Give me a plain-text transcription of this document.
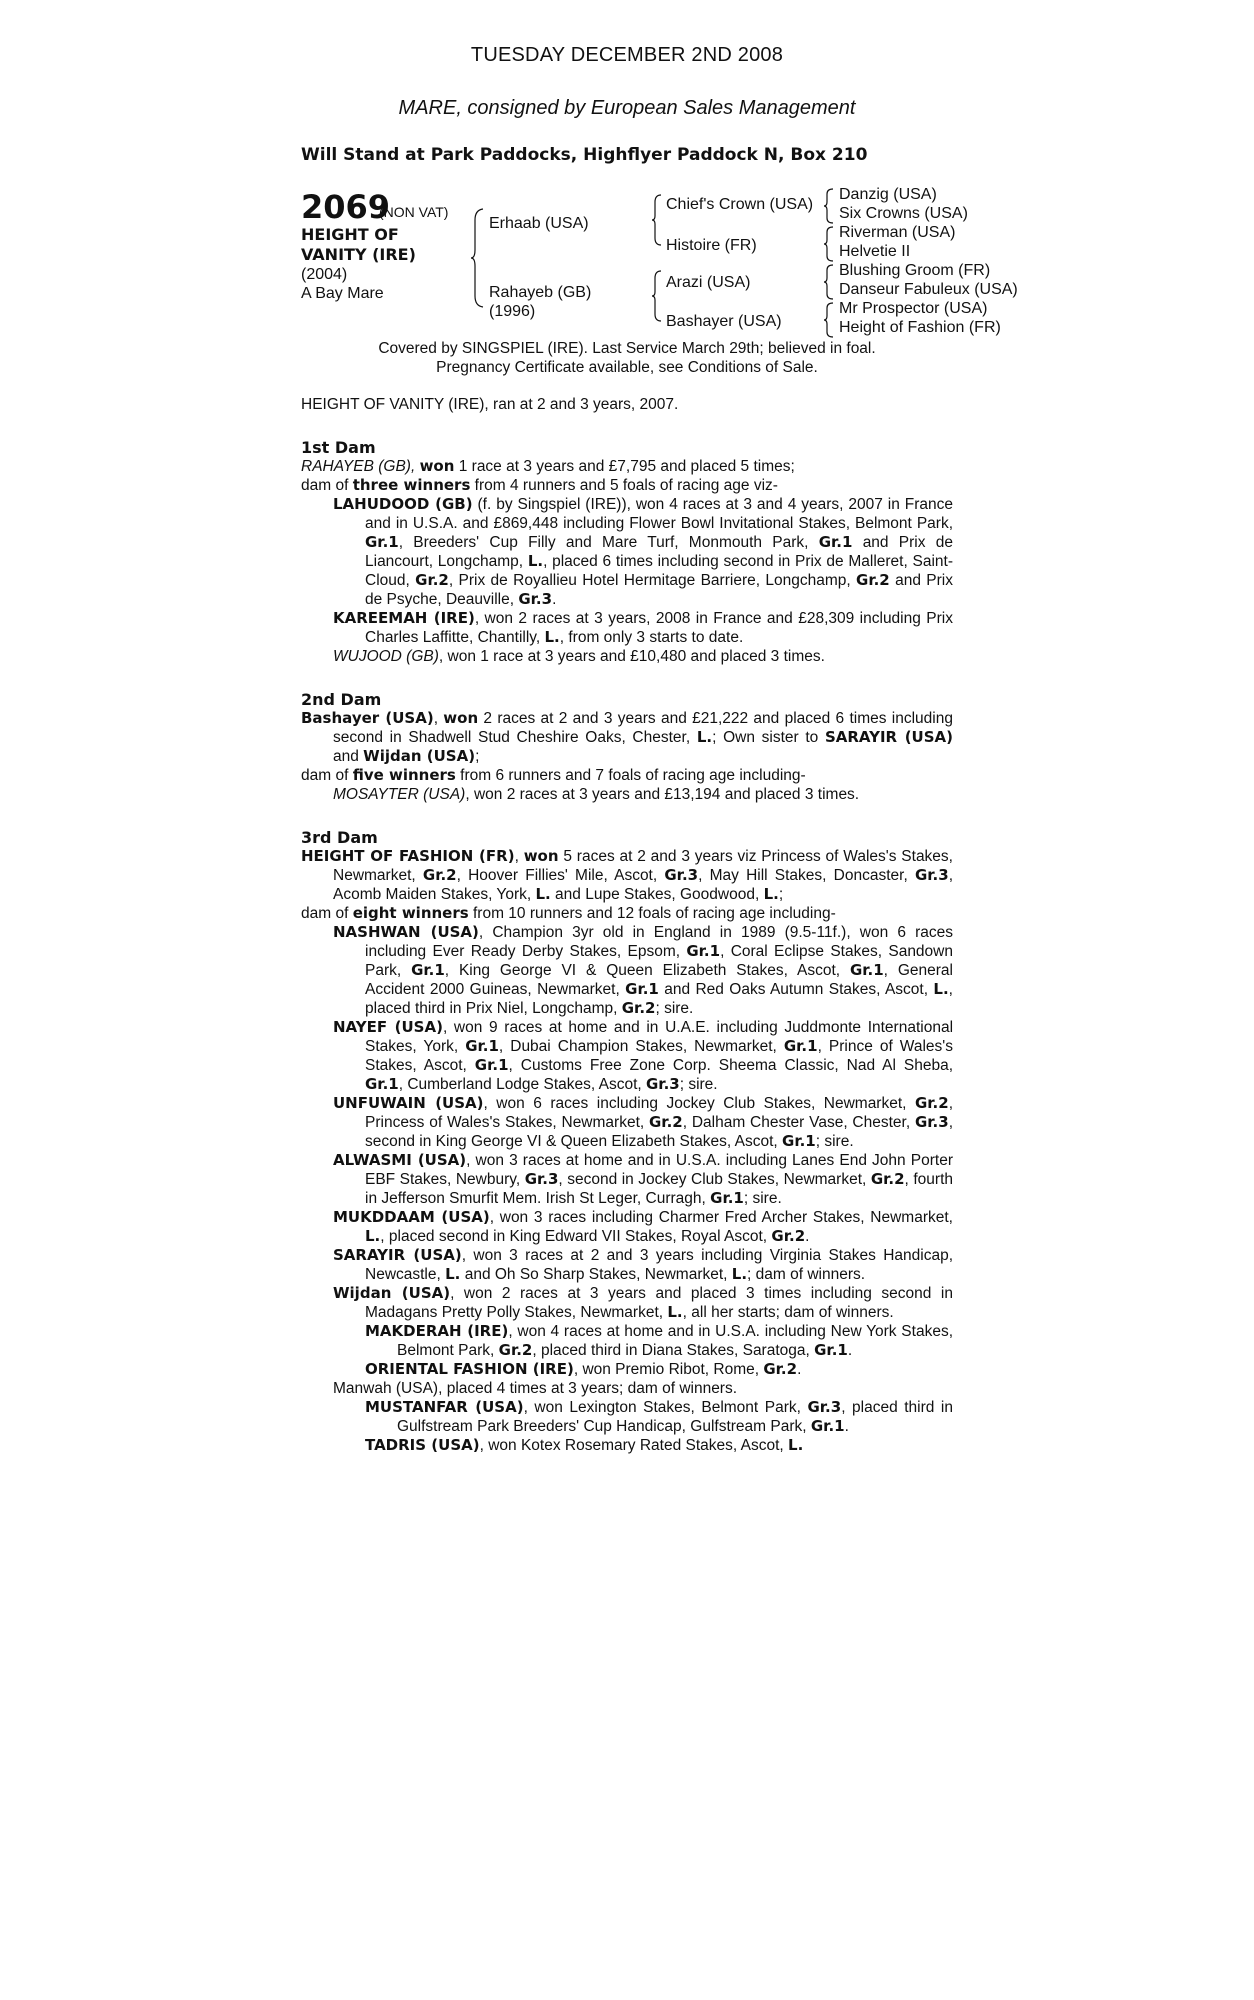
TUESDAY DECEMBER 2ND 2008
MARE, consigned by European Sales Management
Will Stand at Park Paddocks, Highflyer Paddock N, Box 210
2069
(NON VAT)
HEIGHT OF
VANITY (IRE)
(2004)
A Bay Mare
Erhaab (USA)
Rahayeb (GB)
(1996)
Chief's Crown (USA)
Histoire (FR)
Arazi (USA)
Bashayer (USA)
Danzig (USA)
Six Crowns (USA)
Riverman (USA)
Helvetie II
Blushing Groom (FR)
Danseur Fabuleux (USA)
Mr Prospector (USA)
Height of Fashion (FR)
Covered by SINGSPIEL (IRE). Last Service March 29th; believed in foal.
Pregnancy Certificate available, see Conditions of Sale.

HEIGHT OF VANITY (IRE), ran at 2 and 3 years, 2007.

1st Dam

RAHAYEB (GB), won 1 race at 3 years and £7,795 and placed 5 times;

dam of three winners from 4 runners and 5 foals of racing age viz-

LAHUDOOD (GB) (f. by Singspiel (IRE)), won 4 races at 3 and 4 years, 2007 in France and in U.S.A. and £869,448 including Flower Bowl Invitational Stakes, Belmont Park, Gr.1, Breeders' Cup Filly and Mare Turf, Monmouth Park, Gr.1 and Prix de Liancourt, Longchamp, L., placed 6 times including second in Prix de Malleret, Saint-Cloud, Gr.2, Prix de Royallieu Hotel Hermitage Barriere, Longchamp, Gr.2 and Prix de Psyche, Deauville, Gr.3.

KAREEMAH (IRE), won 2 races at 3 years, 2008 in France and £28,309 including Prix Charles Laffitte, Chantilly, L., from only 3 starts to date.

WUJOOD (GB), won 1 race at 3 years and £10,480 and placed 3 times.

2nd Dam

Bashayer (USA), won 2 races at 2 and 3 years and £21,222 and placed 6 times including second in Shadwell Stud Cheshire Oaks, Chester, L.; Own sister to SARAYIR (USA) and Wijdan (USA);

dam of five winners from 6 runners and 7 foals of racing age including-

MOSAYTER (USA), won 2 races at 3 years and £13,194 and placed 3 times.

3rd Dam

HEIGHT OF FASHION (FR), won 5 races at 2 and 3 years viz Princess of Wales's Stakes, Newmarket, Gr.2, Hoover Fillies' Mile, Ascot, Gr.3, May Hill Stakes, Doncaster, Gr.3, Acomb Maiden Stakes, York, L. and Lupe Stakes, Goodwood, L.;

dam of eight winners from 10 runners and 12 foals of racing age including-

NASHWAN (USA), Champion 3yr old in England in 1989 (9.5-11f.), won 6 races including Ever Ready Derby Stakes, Epsom, Gr.1, Coral Eclipse Stakes, Sandown Park, Gr.1, King George VI & Queen Elizabeth Stakes, Ascot, Gr.1, General Accident 2000 Guineas, Newmarket, Gr.1 and Red Oaks Autumn Stakes, Ascot, L., placed third in Prix Niel, Longchamp, Gr.2; sire.

NAYEF (USA), won 9 races at home and in U.A.E. including Juddmonte International Stakes, York, Gr.1, Dubai Champion Stakes, Newmarket, Gr.1, Prince of Wales's Stakes, Ascot, Gr.1, Customs Free Zone Corp. Sheema Classic, Nad Al Sheba, Gr.1, Cumberland Lodge Stakes, Ascot, Gr.3; sire.

UNFUWAIN (USA), won 6 races including Jockey Club Stakes, Newmarket, Gr.2, Princess of Wales's Stakes, Newmarket, Gr.2, Dalham Chester Vase, Chester, Gr.3, second in King George VI & Queen Elizabeth Stakes, Ascot, Gr.1; sire.

ALWASMI (USA), won 3 races at home and in U.S.A. including Lanes End John Porter EBF Stakes, Newbury, Gr.3, second in Jockey Club Stakes, Newmarket, Gr.2, fourth in Jefferson Smurfit Mem. Irish St Leger, Curragh, Gr.1; sire.

MUKDDAAM (USA), won 3 races including Charmer Fred Archer Stakes, Newmarket, L., placed second in King Edward VII Stakes, Royal Ascot, Gr.2.

SARAYIR (USA), won 3 races at 2 and 3 years including Virginia Stakes Handicap, Newcastle, L. and Oh So Sharp Stakes, Newmarket, L.; dam of winners.

Wijdan (USA), won 2 races at 3 years and placed 3 times including second in Madagans Pretty Polly Stakes, Newmarket, L., all her starts; dam of winners.

MAKDERAH (IRE), won 4 races at home and in U.S.A. including New York Stakes, Belmont Park, Gr.2, placed third in Diana Stakes, Saratoga, Gr.1.

ORIENTAL FASHION (IRE), won Premio Ribot, Rome, Gr.2.

Manwah (USA), placed 4 times at 3 years; dam of winners.

MUSTANFAR (USA), won Lexington Stakes, Belmont Park, Gr.3, placed third in Gulfstream Park Breeders' Cup Handicap, Gulfstream Park, Gr.1.

TADRIS (USA), won Kotex Rosemary Rated Stakes, Ascot, L.
